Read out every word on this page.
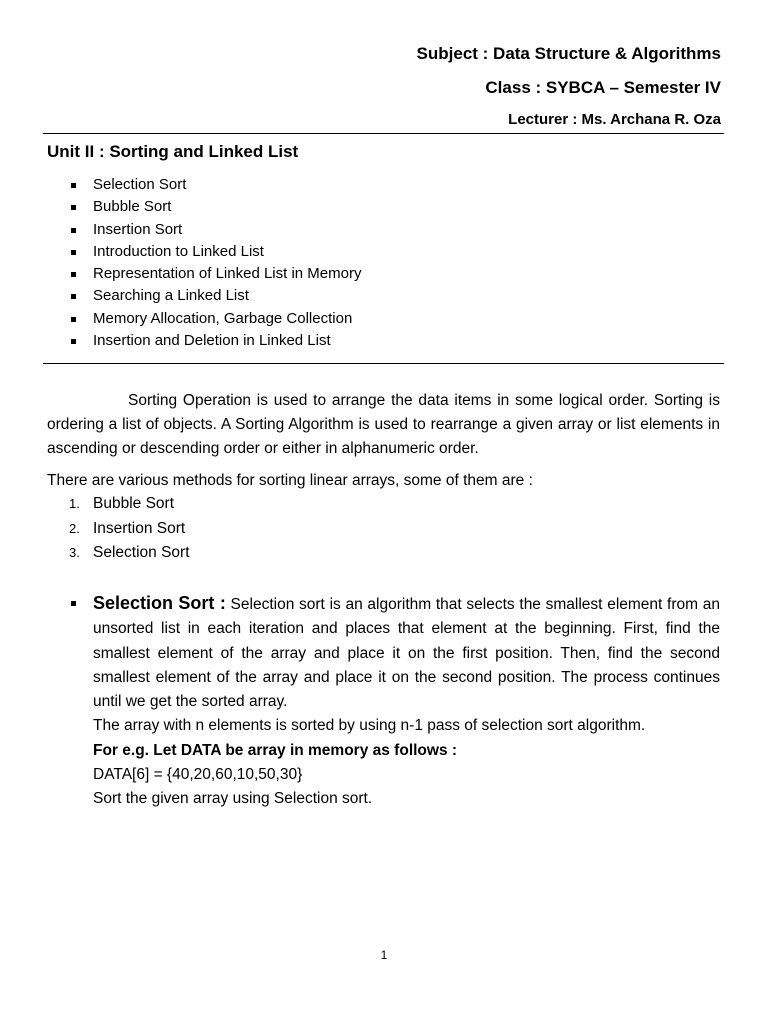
Subject : Data Structure & Algorithms
Class : SYBCA – Semester IV
Lecturer : Ms. Archana R. Oza
Unit II : Sorting and Linked List
Selection Sort
Bubble Sort
Insertion Sort
Introduction to Linked List
Representation of Linked List in Memory
Searching a Linked List
Memory Allocation, Garbage Collection
Insertion and Deletion in Linked List

Sorting Operation is used to arrange the data items in some logical order. Sorting is ordering a list of objects. A Sorting Algorithm is used to rearrange a given array or list elements in ascending or descending order or either in alphanumeric order.

There are various methods for sorting linear arrays, some of them are :

1. Bubble Sort
2. Insertion Sort
3. Selection Sort
Selection Sort : Selection sort is an algorithm that selects the smallest element from an unsorted list in each iteration and places that element at the beginning. First, find the smallest element of the array and place it on the first position. Then, find the second smallest element of the array and place it on the second position. The process continues until we get the sorted array.
The array with n elements is sorted by using n-1 pass of selection sort algorithm.
For e.g. Let DATA be array in memory as follows :
DATA[6] = {40,20,60,10,50,30}
Sort the given array using Selection sort.
1
